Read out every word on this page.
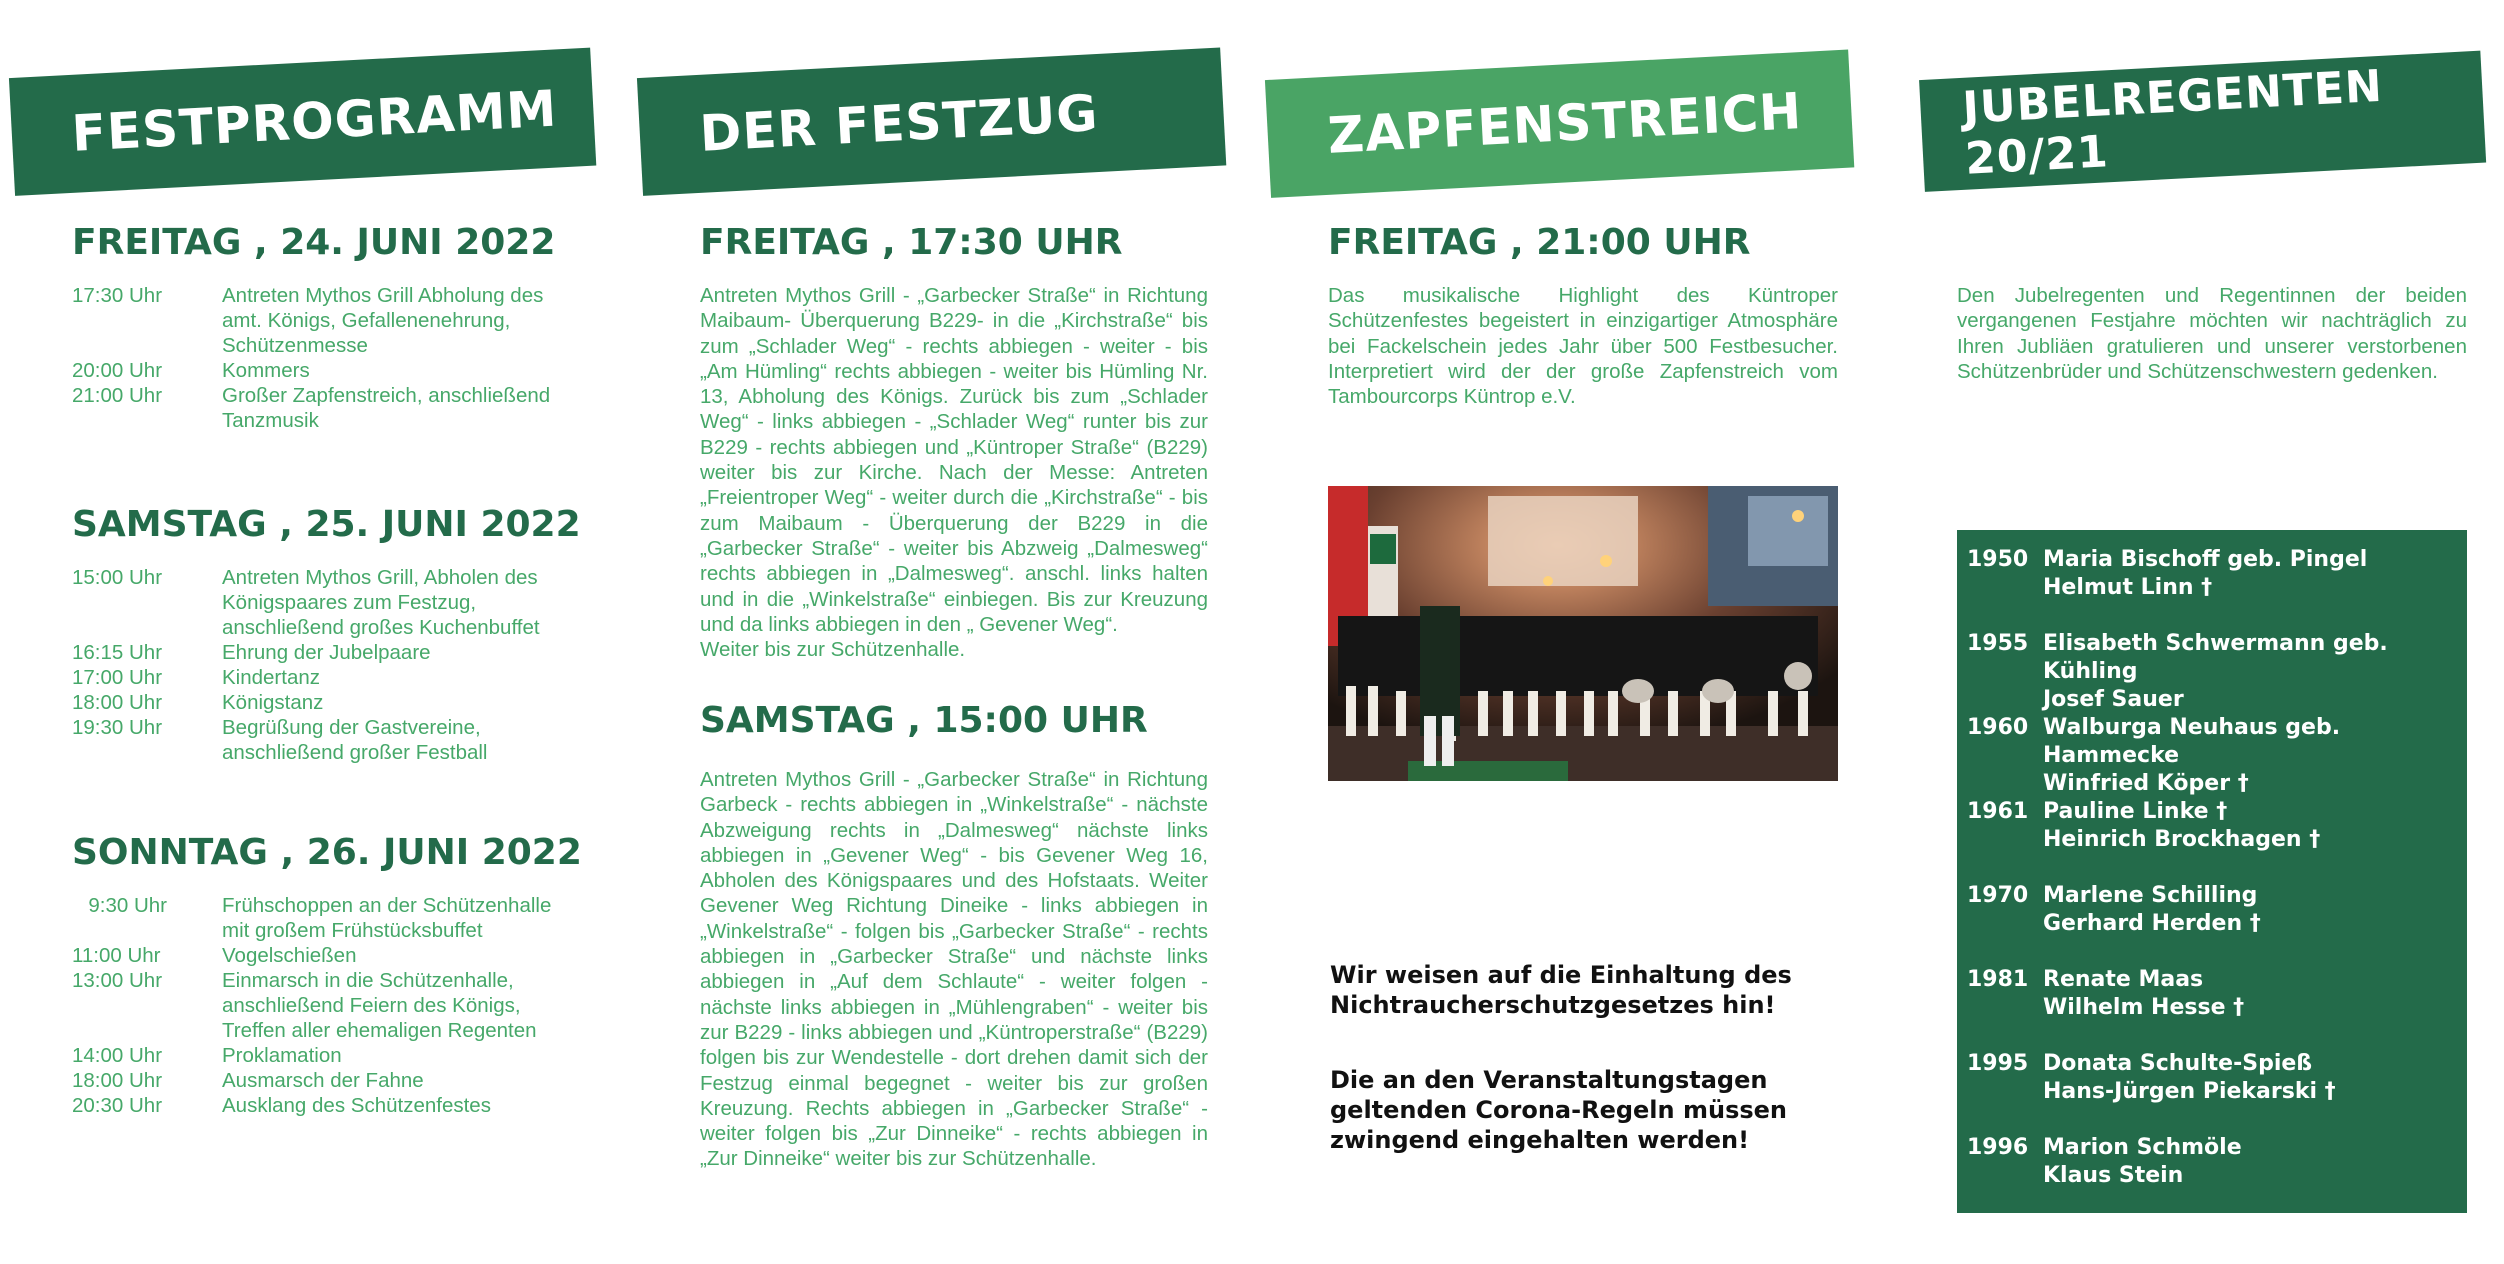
FESTPROGRAMM
FREITAG , 24. JUNI 2022
17:30 Uhr	Antreten Mythos Grill Abholung des amt. Königs, Gefallenenehrung, Schützenmesse
20:00 Uhr	Kommers
21:00 Uhr	Großer Zapfenstreich, anschließend Tanzmusik
SAMSTAG , 25. JUNI 2022
15:00 Uhr	Antreten Mythos Grill, Abholen des Königspaares zum Festzug, anschließend großes Kuchenbuffet
16:15 Uhr	Ehrung der Jubelpaare
17:00 Uhr	Kindertanz
18:00 Uhr	Königstanz
19:30 Uhr	Begrüßung der Gastvereine, anschließend großer Festball
SONNTAG , 26. JUNI 2022
9:30 Uhr	Frühschoppen an der Schützenhalle mit großem Frühstücksbuffet
11:00 Uhr	Vogelschießen
13:00 Uhr	Einmarsch in die Schützenhalle, anschließend Feiern des Königs, Treffen aller ehemaligen Regenten
14:00 Uhr	Proklamation
18:00 Uhr	Ausmarsch der Fahne
20:30 Uhr	Ausklang des Schützenfestes
DER FESTZUG
FREITAG , 17:30 UHR

Antreten Mythos Grill - „Garbecker Straße“ in Richtung Maibaum- Überquerung B229- in die „Kirchstraße“ bis zum „Schlader Weg“ - rechts abbiegen - weiter - bis „Am Hümling“ rechts abbiegen - weiter bis Hümling Nr. 13, Abholung des Königs. Zurück bis zum „Schlader Weg“ - links abbiegen - „Schlader Weg“ runter bis zur B229 - rechts abbiegen und „Küntroper Straße“ (B229) weiter bis zur Kirche. Nach der Messe: Antreten „Freientroper Weg“ - weiter durch die „Kirchstraße“ - bis zum Maibaum - Überquerung der B229 in die „Garbecker Straße“ - weiter bis Abzweig „Dalmesweg“ rechts abbiegen in „Dalmesweg“. anschl. links halten und in die „Winkelstraße“ einbiegen. Bis zur Kreuzung und da links abbiegen in den „ Gevener Weg“.

Weiter bis zur Schützenhalle.

SAMSTAG , 15:00 UHR

Antreten Mythos Grill - „Garbecker Straße“ in Richtung Garbeck - rechts abbiegen in „Winkelstraße“ - nächste Abzweigung rechts in „Dalmesweg“ nächste links abbiegen in „Gevener Weg“ - bis Gevener Weg 16, Abholen des Königspaares und des Hofstaats. Weiter Gevener Weg Richtung Dineike - links abbiegen in „Winkelstraße“ - folgen bis „Garbecker Straße“ - rechts abbiegen in „Garbecker Straße“ und nächste links abbiegen in „Auf dem Schlaute“ - weiter folgen - nächste links abbiegen in „Mühlengraben“ - weiter bis zur B229 - links abbiegen und „Küntroperstraße“ (B229) folgen bis zur Wendestelle - dort drehen damit sich der Festzug einmal begegnet - weiter bis zur großen Kreuzung. Rechts abbiegen in „Garbecker Straße“ - weiter folgen bis „Zur Dinneike“ - rechts abbiegen in „Zur Dinneike“ weiter bis zur Schützenhalle.

ZAPFENSTREICH
FREITAG , 21:00 UHR

Das musikalische Highlight des Küntroper Schützenfestes begeistert in einzigartiger Atmosphäre bei Fackelschein jedes Jahr über 500 Festbesucher. Interpretiert wird der der große Zapfenstreich vom Tambourcorps Küntrop e.V.

Wir weisen auf die Einhaltung des Nichtraucherschutzgesetzes hin!

Die an den Veranstaltungstagen geltenden Corona-Regeln müssen zwingend eingehalten werden!

JUBELREGENTEN 20/21

Den Jubelregenten und Regentinnen der beiden vergangenen Festjahre möchten wir nachträglich zu Ihren Jubliäen gratulieren und unserer verstorbenen Schützenbrüder und Schützenschwestern gedenken.

1950 Maria Bischoff geb. Pingel
Helmut Linn †
1955 Elisabeth Schwermann geb. Kühling
Josef Sauer
1960 Walburga Neuhaus geb. Hammecke
Winfried Köper †
1961 Pauline Linke †
Heinrich Brockhagen †
1970 Marlene Schilling
Gerhard Herden †
1981 Renate Maas
Wilhelm Hesse †
1995 Donata Schulte-Spieß
Hans-Jürgen Piekarski †
1996 Marion Schmöle
Klaus Stein
